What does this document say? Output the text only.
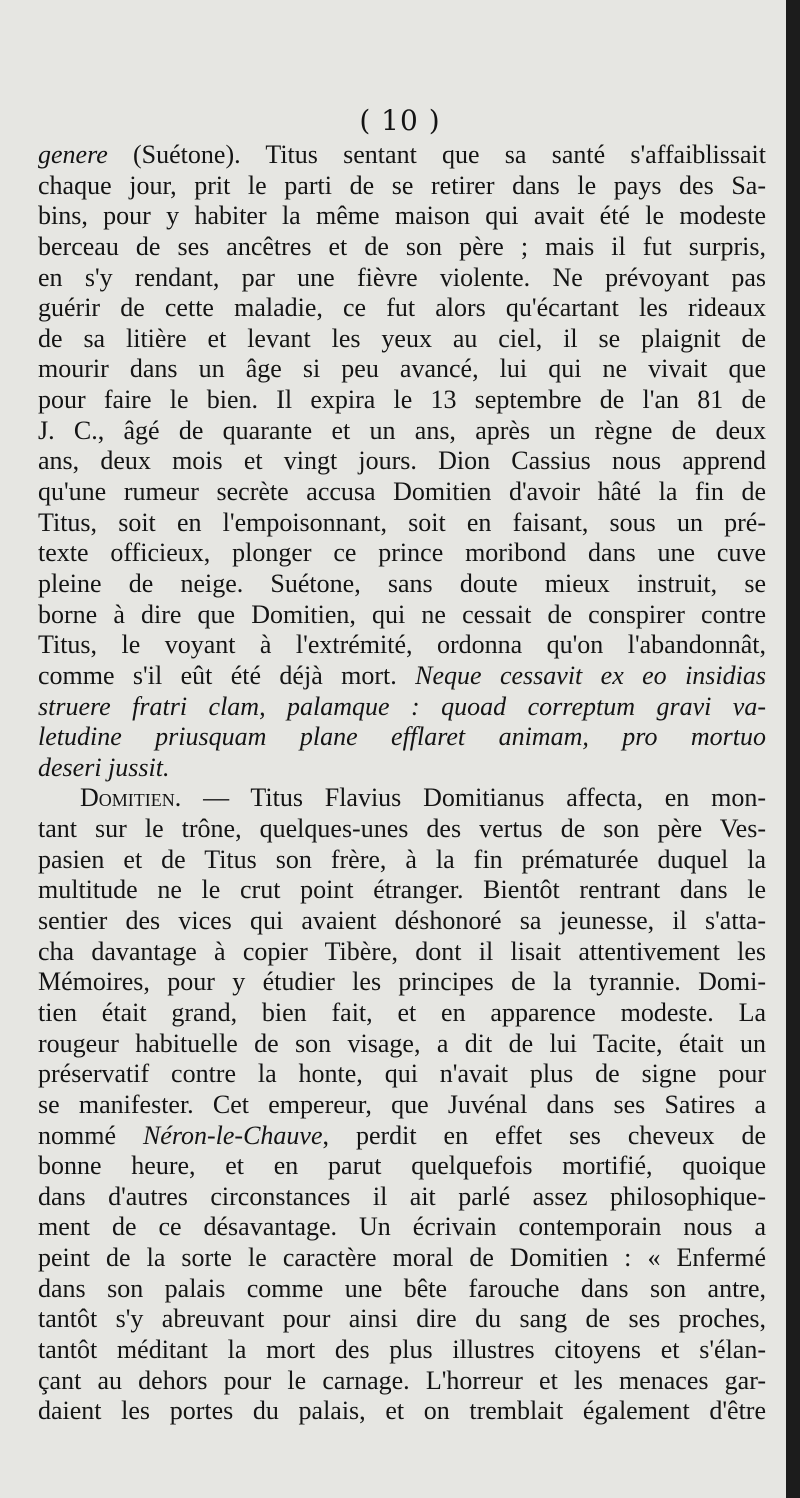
( 10 )
genere (Suétone). Titus sentant que sa santé s'affaiblissait
chaque jour, prit le parti de se retirer dans le pays des Sa-
bins, pour y habiter la même maison qui avait été le modeste
berceau de ses ancêtres et de son père ; mais il fut surpris,
en s'y rendant, par une fièvre violente. Ne prévoyant pas
guérir de cette maladie, ce fut alors qu'écartant les rideaux
de sa litière et levant les yeux au ciel, il se plaignit de
mourir dans un âge si peu avancé, lui qui ne vivait que
pour faire le bien. Il expira le 13 septembre de l'an 81 de
J. C., âgé de quarante et un ans, après un règne de deux
ans, deux mois et vingt jours. Dion Cassius nous apprend
qu'une rumeur secrète accusa Domitien d'avoir hâté la fin de
Titus, soit en l'empoisonnant, soit en faisant, sous un pré-
texte officieux, plonger ce prince moribond dans une cuve
pleine de neige. Suétone, sans doute mieux instruit, se
borne à dire que Domitien, qui ne cessait de conspirer contre
Titus, le voyant à l'extrémité, ordonna qu'on l'abandonnât,
comme s'il eût été déjà mort. Neque cessavit ex eo insidias
struere fratri clam, palamque : quoad correptum gravi va-
letudine priusquam plane efflaret animam, pro mortuo
deseri jussit.
Domitien. — Titus Flavius Domitianus affecta, en mon-
tant sur le trône, quelques-unes des vertus de son père Ves-
pasien et de Titus son frère, à la fin prématurée duquel la
multitude ne le crut point étranger. Bientôt rentrant dans le
sentier des vices qui avaient déshonoré sa jeunesse, il s'atta-
cha davantage à copier Tibère, dont il lisait attentivement les
Mémoires, pour y étudier les principes de la tyrannie. Domi-
tien était grand, bien fait, et en apparence modeste. La
rougeur habituelle de son visage, a dit de lui Tacite, était un
préservatif contre la honte, qui n'avait plus de signe pour
se manifester. Cet empereur, que Juvénal dans ses Satires a
nommé Néron-le-Chauve, perdit en effet ses cheveux de
bonne heure, et en parut quelquefois mortifié, quoique
dans d'autres circonstances il ait parlé assez philosophique-
ment de ce désavantage. Un écrivain contemporain nous a
peint de la sorte le caractère moral de Domitien : « Enfermé
dans son palais comme une bête farouche dans son antre,
tantôt s'y abreuvant pour ainsi dire du sang de ses proches,
tantôt méditant la mort des plus illustres citoyens et s'élan-
çant au dehors pour le carnage. L'horreur et les menaces gar-
daient les portes du palais, et on tremblait également d'être
